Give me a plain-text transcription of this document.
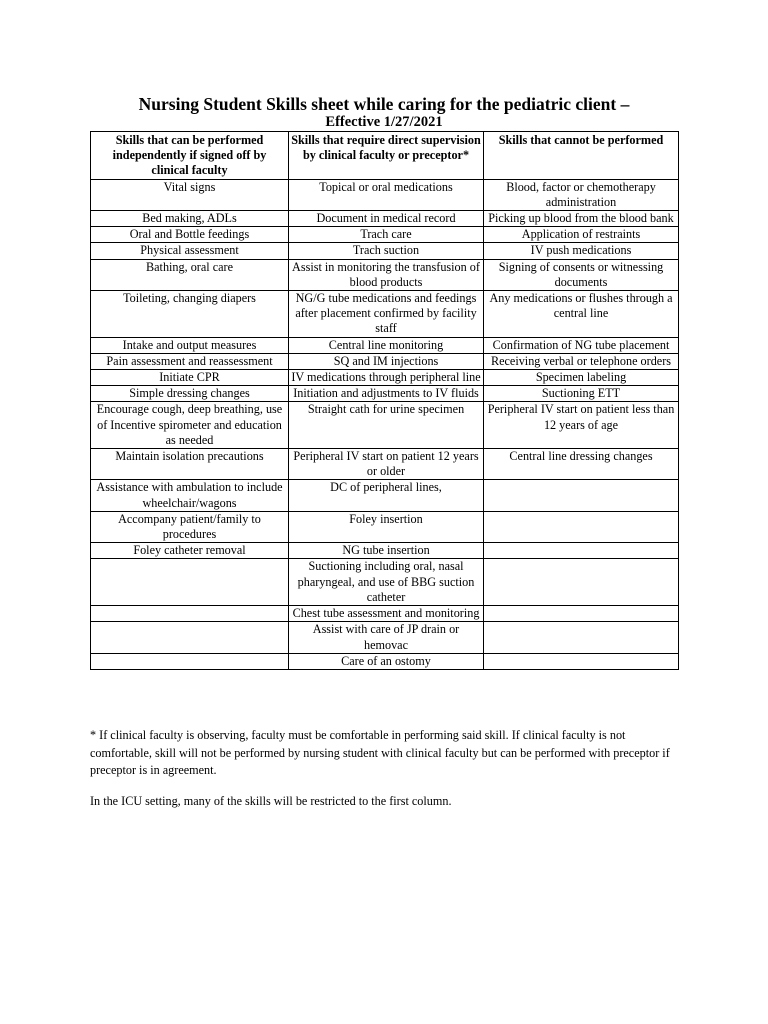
Nursing Student Skills sheet while caring for the pediatric client –
Effective 1/27/2021
Skills that can be performed independently if signed off by clinical faculty	Skills that require direct supervision by clinical faculty or preceptor*	Skills that cannot be performed
Vital signs	Topical or oral medications	Blood, factor or chemotherapy administration
Bed making, ADLs	Document in medical record	Picking up blood from the blood bank
Oral and Bottle feedings	Trach care	Application of restraints
Physical assessment	Trach suction	IV push medications
Bathing, oral care	Assist in monitoring the transfusion of blood products	Signing of consents or witnessing documents
Toileting, changing diapers	NG/G tube medications and feedings after placement confirmed by facility staff	Any medications or flushes through a central line
Intake and output measures	Central line monitoring	Confirmation of NG tube placement
Pain assessment and reassessment	SQ and IM injections	Receiving verbal or telephone orders
Initiate CPR	IV medications through peripheral line	Specimen labeling
Simple dressing changes	Initiation and adjustments to IV fluids	Suctioning ETT
Encourage cough, deep breathing, use of Incentive spirometer and education as needed	Straight cath for urine specimen	Peripheral IV start on patient less than 12 years of age
Maintain isolation precautions	Peripheral IV start on patient 12 years or older	Central line dressing changes
Assistance with ambulation to include wheelchair/wagons	DC of peripheral lines,	
Accompany patient/family to procedures	Foley insertion	
Foley catheter removal	NG tube insertion	
	Suctioning including oral, nasal pharyngeal, and use of BBG suction catheter	
	Chest tube assessment and monitoring	
	Assist with care of JP drain or hemovac	
	Care of an ostomy	

* If clinical faculty is observing, faculty must be comfortable in performing said skill. If clinical faculty is not comfortable, skill will not be performed by nursing student with clinical faculty but can be performed with preceptor if preceptor is in agreement.

In the ICU setting, many of the skills will be restricted to the first column.
